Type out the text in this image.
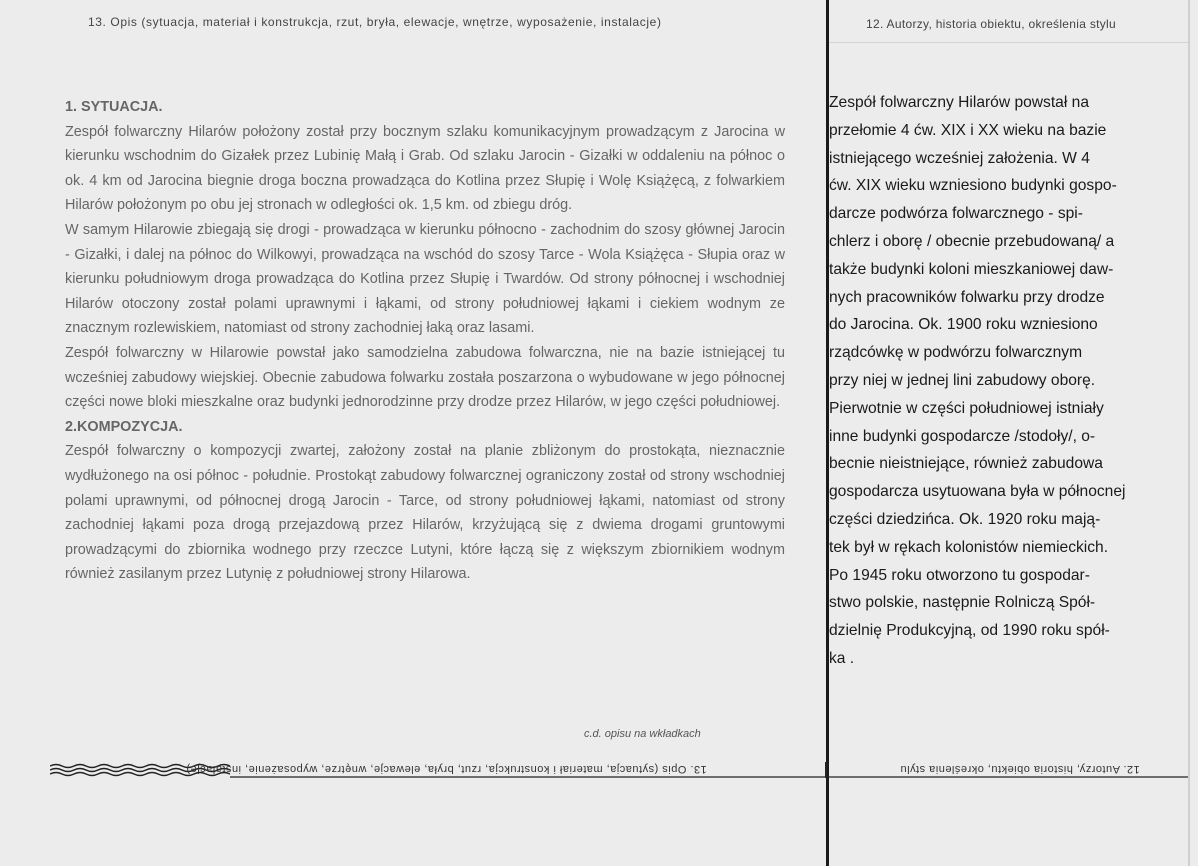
13. Opis (sytuacja, materiał i konstrukcja, rzut, bryła, elewacje, wnętrze, wyposażenie, instalacje)	12. Autorzy, historia obiektu, określenia stylu

1. SYTUACJA.

Zespół folwarczny Hilarów położony został przy bocznym szlaku komunikacyjnym prowadzącym z Jarocina w kierunku wschodnim do Gizałek przez Lubinię Małą i Grab. Od szlaku Jarocin - Gizałki w oddaleniu na północ o ok. 4 km od Jarocina biegnie droga boczna prowadząca do Kotlina przez Słupię i Wolę Książęcą, z folwarkiem Hilarów położonym po obu jej stronach w odległości ok. 1,5 km. od zbiegu dróg.

W samym Hilarowie zbiegają się drogi - prowadząca w kierunku północno - zachodnim do szosy głównej Jarocin - Gizałki, i dalej na północ do Wilkowyi, prowadząca na wschód do szosy Tarce - Wola Książęca - Słupia oraz w kierunku południowym droga prowadząca do Kotlina przez Słupię i Twardów. Od strony północnej i wschodniej Hilarów otoczony został polami uprawnymi i łąkami, od strony południowej łąkami i ciekiem wodnym ze znacznym rozlewiskiem, natomiast od strony zachodniej łaką oraz lasami.

Zespół folwarczny w Hilarowie powstał jako samodzielna zabudowa folwarczna, nie na bazie istniejącej tu wcześniej zabudowy wiejskiej. Obecnie zabudowa folwarku została poszarzona o wybudowane w jego północnej części nowe bloki mieszkalne oraz budynki jednorodzinne przy drodze przez Hilarów, w jego części południowej.

2.KOMPOZYCJA.

Zespół folwarczny o kompozycji zwartej, założony został na planie zbliżonym do prostokąta, nieznacznie wydłużonego na osi północ - południe. Prostokąt zabudowy folwarcznej ograniczony został od strony wschodniej polami uprawnymi, od północnej drogą Jarocin - Tarce, od strony południowej łąkami, natomiast od strony zachodniej łąkami poza drogą przejazdową przez Hilarów, krzyżującą się z dwiema drogami gruntowymi prowadzącymi do zbiornika wodnego przy rzeczce Lutyni, które łączą się z większym zbiornikiem wodnym również zasilanym przez Lutynię z południowej strony Hilarowa.

c.d. opisu na wkładkach
Zespół folwarczny Hilarów powstał na
przełomie 4 ćw. XIX i XX wieku na bazie
istniejącego wcześniej założenia. W 4
ćw. XIX wieku wzniesiono budynki gospo-
darcze podwórza folwarcznego - spi-
chlerz i oborę / obecnie przebudowaną/ a
także budynki koloni mieszkaniowej daw-
nych pracowników folwarku przy drodze
do Jarocina. Ok. 1900 roku wzniesiono
rządcówkę w podwórzu folwarcznym
przy niej w jednej lini zabudowy oborę.
Pierwotnie w części południowej istniały
inne budynki gospodarcze /stodoły/, o-
becnie nieistniejące, również zabudowa
gospodarcza usytuowana była w północnej
części dziedzińca. Ok. 1920 roku mają-
tek był w rękach kolonistów niemieckich.
Po 1945 roku otworzono tu gospodar-
stwo polskie, następnie Rolniczą Spół-
dzielnię Produkcyjną, od 1990 roku spół-
ka .
13. Opis (sytuacja, materiał i konstrukcja, rzut, bryła, elewacje, wnętrze, wyposażenie, instalacje)	12. Autorzy, historia obiektu, określenia stylu
